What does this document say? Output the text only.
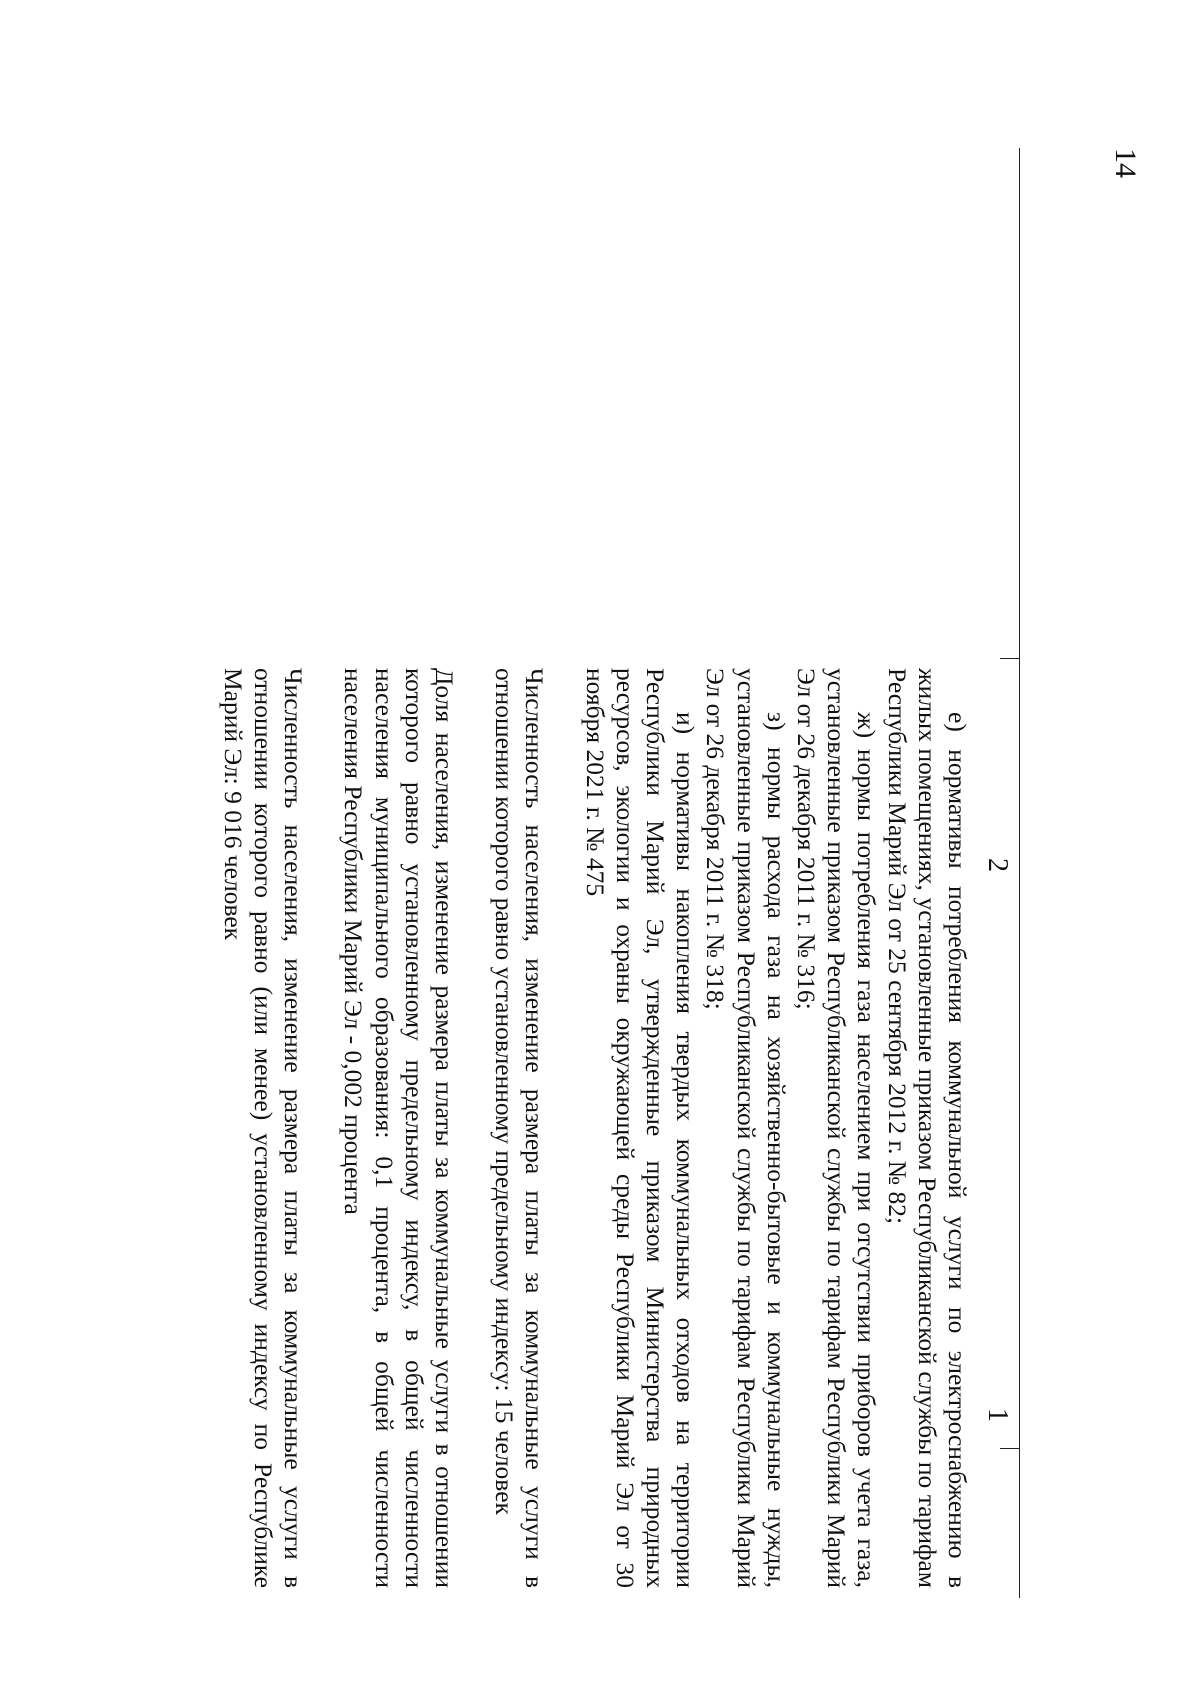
14
1
2

е) нормативы потребления коммунальной услуги по электроснабжению в жилых помещениях, установленные приказом Республиканской службы по тарифам Республики Марий Эл от 25 сентября 2012 г. № 82;

ж) нормы потребления газа населением при отсутствии приборов учета газа, установленные приказом Республиканской службы по тарифам Республики Марий Эл от 26 декабря 2011 г. № 316;

з) нормы расхода газа на хозяйственно-бытовые и коммунальные нужды, установленные приказом Республиканской службы по тарифам Республики Марий Эл от 26 декабря 2011 г. № 318;

и) нормативы накопления твердых коммунальных отходов на территории Республики Марий Эл, утвержденные приказом Министерства природных ресурсов, экологии и охраны окружающей среды Республики Марий Эл от 30 ноября 2021 г. № 475

Численность населения, изменение размера платы за коммунальные услуги в отношении которого равно установленному предельному индексу: 15 человек

Доля населения, изменение размера платы за коммунальные услуги в отношении которого равно установленному предельному индексу, в общей численности населения муниципального образования: 0,1 процента, в общей численности населения Республики Марий Эл - 0,002 процента

Численность населения, изменение размера платы за коммунальные услуги в отношении которого равно (или менее) установленному индексу по Республике Марий Эл: 9 016 человек
